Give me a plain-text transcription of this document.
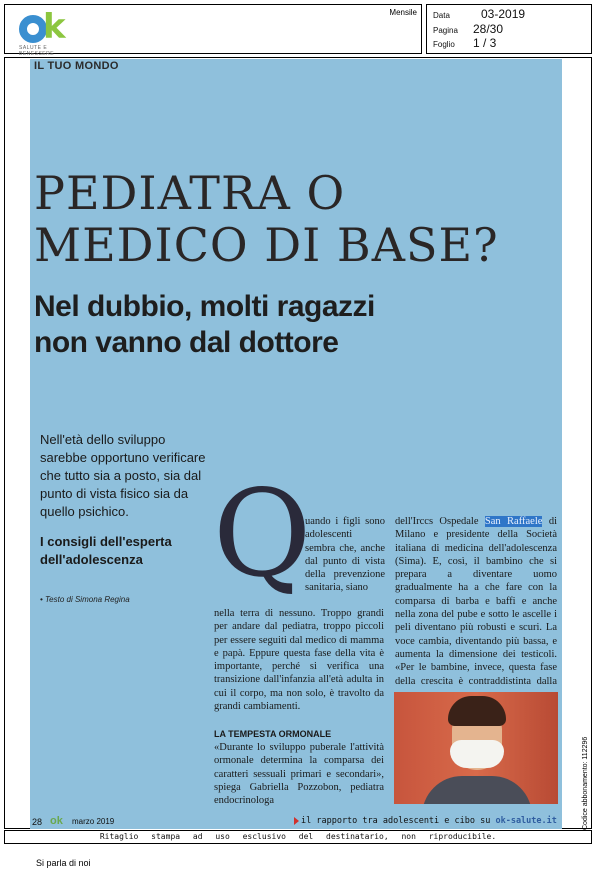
k
SALUTE E BENESSERE
Mensile Data	03-2019
Pagina 28/30
Foglio 1 / 3
IL TUO MONDO
PEDIATRA O
MEDICO DI BASE?
Nel dubbio, molti ragazzi
non vanno dal dottore
Nell'età dello sviluppo sarebbe opportuno verificare che tutto sia a posto, sia dal punto di vista fisico sia da quello psichico.
I consigli dell'esperta dell'adolescenza
• Testo di Simona Regina Q
uando i figli sono adolescenti sembra che, anche dal punto di vista della prevenzione sanitaria, siano
nella terra di nessuno. Troppo grandi per andare dal pediatra, troppo piccoli per essere seguiti dal medico di mamma e papà. Eppure questa fase della vita è importante, perché si verifica una transizione dall'infanzia all'età adulta in cui il corpo, ma non solo, è travolto da grandi cambiamenti.
LA TEMPESTA ORMONALE
«Durante lo sviluppo puberale l'attività ormonale determina la comparsa dei caratteri sessuali primari e secondari», spiega Gabriella Pozzobon, pediatra endocrinologa
dell'Irccs Ospedale San Raffaele di Milano e presidente della Società italiana di medicina dell'adolescenza (Sima). E, così, il bambino che si prepara a diventare uomo gradualmente ha a che fare con la comparsa di barba e baffi e anche nella zona del pube e sotto le ascelle i peli diventano più robusti e scuri. La voce cambia, diventando più bassa, e aumenta la dimensione dei testicoli. «Per le bambine, invece, questa fase della crescita è contraddistinta dalla
28 ok marzo 2019	il rapporto tra adolescenti e cibo su ok-salute.it
Ritaglio stampa ad uso esclusivo del destinatario, non riproducibile.
Codice abbonamento: 112296
Si parla di noi
